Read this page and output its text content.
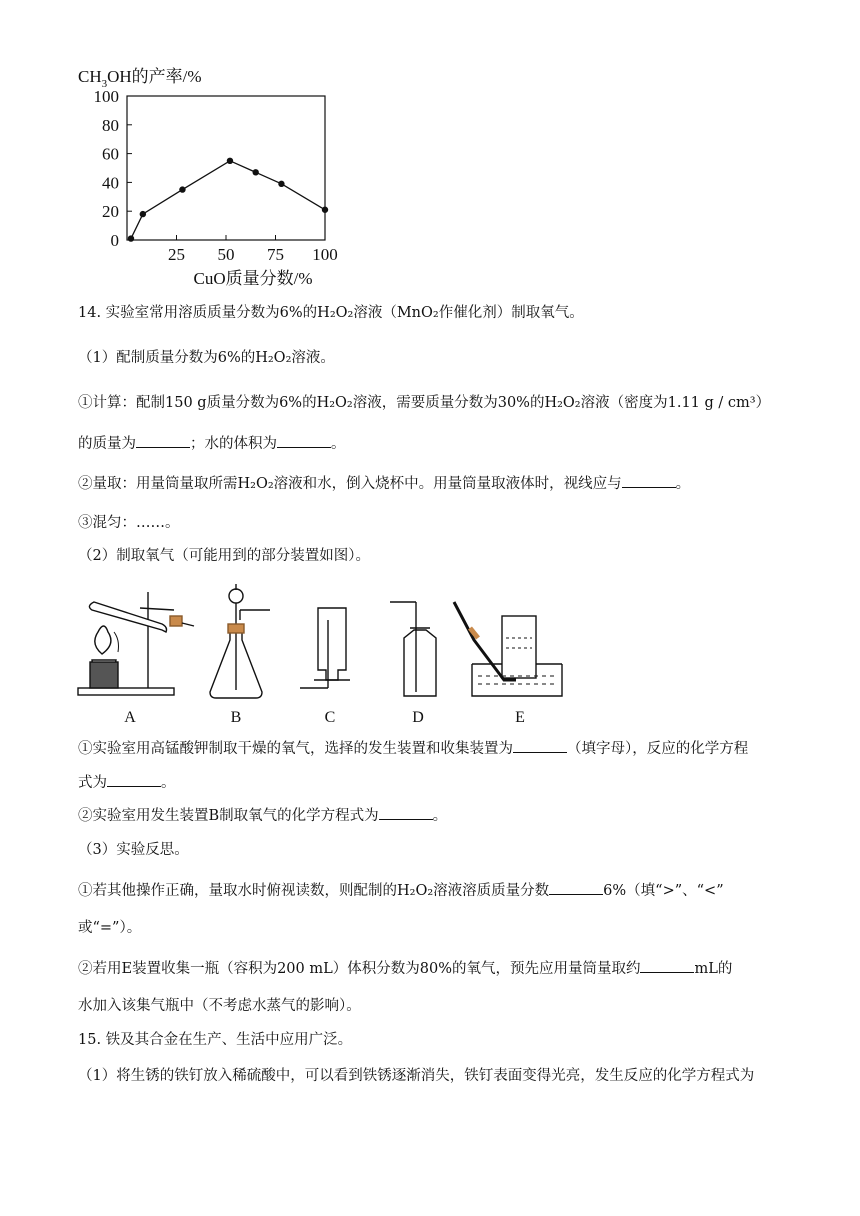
$CH_3OH$的产率/%
0
20
40
60
80
100
25 50 75 100
CuO质量分数/%
14. 实验室常用溶质质量分数为6%的H₂O₂溶液（MnO₂作催化剂）制取氧气。
（1）配制质量分数为6%的H₂O₂溶液。
①计算：配制150 g质量分数为6%的H₂O₂溶液，需要质量分数为30%的H₂O₂溶液（密度为1.11 g / cm³）
的质量为	；水的体积为	。
②量取：用量筒量取所需H₂O₂溶液和水，倒入烧杯中。用量筒量取液体时，视线应与	。
③混匀：……。
（2）制取氧气（可能用到的部分装置如图）。
A	B	C	D	E
①实验室用高锰酸钾制取干燥的氧气，选择的发生装置和收集装置为	（填字母），反应的化学方程
式为	。
②实验室用发生装置B制取氧气的化学方程式为	。
（3）实验反思。
①若其他操作正确，量取水时俯视读数，则配制的H₂O₂溶液溶质质量分数	6%（填“>”、“<”
或“=”）。
②若用E装置收集一瓶（容积为200 mL）体积分数为80%的氧气，预先应用量筒量取约	mL的
水加入该集气瓶中（不考虑水蒸气的影响）。
15. 铁及其合金在生产、生活中应用广泛。
（1）将生锈的铁钉放入稀硫酸中，可以看到铁锈逐渐消失，铁钉表面变得光亮，发生反应的化学方程式为
